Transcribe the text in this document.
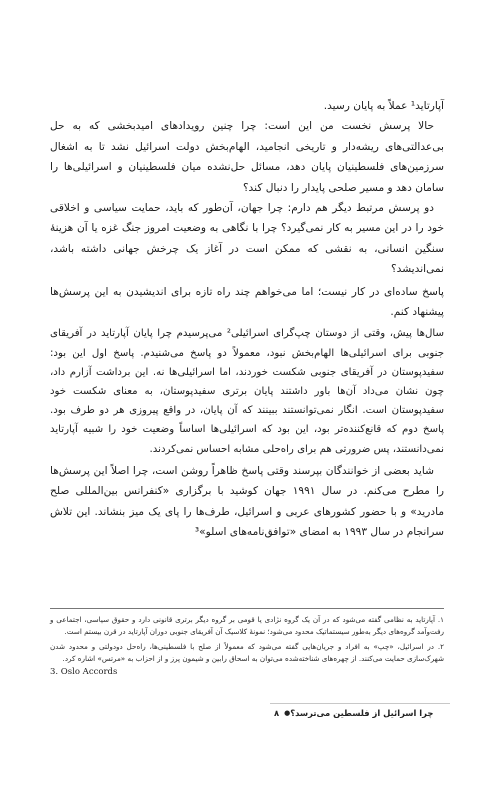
آپارتاید¹ عملاً به پایان رسید.

حالا پرسش نخست من این است: چرا چنین رویدادهای امیدبخشی که به حل بی‌عدالتی‌های ریشه‌دار و تاریخی انجامید، الهام‌بخش دولت اسرائیل نشد تا به اشغال سرزمین‌های فلسطینیان پایان دهد، مسائل حل‌نشده میان فلسطینیان و اسرائیلی‌ها را سامان دهد و مسیر صلحی پایدار را دنبال کند؟

دو پرسش مرتبط دیگر هم دارم: چرا جهان، آن‌طور که باید، حمایت سیاسی و اخلاقی خود را در این مسیر به کار نمی‌گیرد؟ چرا با نگاهی به وضعیت امروز جنگ غزه یا آن هزینهٔ سنگین انسانی، به نقشی که ممکن است در آغاز یک چرخش جهانی داشته باشد، نمی‌اندیشد؟

پاسخ ساده‌ای در کار نیست؛ اما می‌خواهم چند راه تازه برای اندیشیدن به این پرسش‌ها پیشنهاد کنم.

سال‌ها پیش، وقتی از دوستان چپ‌گرای اسرائیلی² می‌پرسیدم چرا پایان آپارتاید در آفریقای جنوبی برای اسرائیلی‌ها الهام‌بخش نبود، معمولاً دو پاسخ می‌شنیدم. پاسخ اول این بود: سفیدپوستان در آفریقای جنوبی شکست خوردند، اما اسرائیلی‌ها نه. این برداشت آزارم داد، چون نشان می‌داد آن‌ها باور داشتند پایان برتری سفیدپوستان، به معنای شکست خود سفیدپوستان است. انگار نمی‌توانستند ببینند که آن پایان، در واقع پیروزی هر دو طرف بود. پاسخ دوم که قانع‌کننده‌تر بود، این بود که اسرائیلی‌ها اساساً وضعیت خود را شبیه آپارتاید نمی‌دانستند، پس ضرورتی هم برای راه‌حلی مشابه احساس نمی‌کردند.

شاید بعضی از خوانندگان بپرسند وقتی پاسخ ظاهراً روشن است، چرا اصلاً این پرسش‌ها را مطرح می‌کنم. در سال ۱۹۹۱ جهان کوشید با برگزاری «کنفرانس بین‌المللی صلح مادرید» و با حضور کشورهای عربی و اسرائیل، طرف‌ها را پای یک میز بنشاند. این تلاش سرانجام در سال ۱۹۹۳ به امضای «توافق‌نامه‌های اسلو»³

۱. آپارتاید به نظامی گفته می‌شود که در آن یک گروه نژادی یا قومی بر گروه دیگر برتری قانونی دارد و حقوق سیاسی، اجتماعی و رفت‌وآمد گروه‌های دیگر به‌طور سیستماتیک محدود می‌شود؛ نمونهٔ کلاسیک آن آفریقای جنوبی دوران آپارتاید در قرن بیستم است.

۲. در اسرائیل، «چپ» به افراد و جریان‌هایی گفته می‌شود که معمولاً از صلح با فلسطینی‌ها، راه‌حل دودولتی و محدود شدن شهرک‌سازی حمایت می‌کنند. از چهره‌های شناخته‌شده می‌توان به اسحاق رابین و شیمون پرز و از احزاب به «مرتس» اشاره کرد.

3. Oslo Accords
۸ ● چرا اسرائیل از فلسطین می‌ترسد؟
